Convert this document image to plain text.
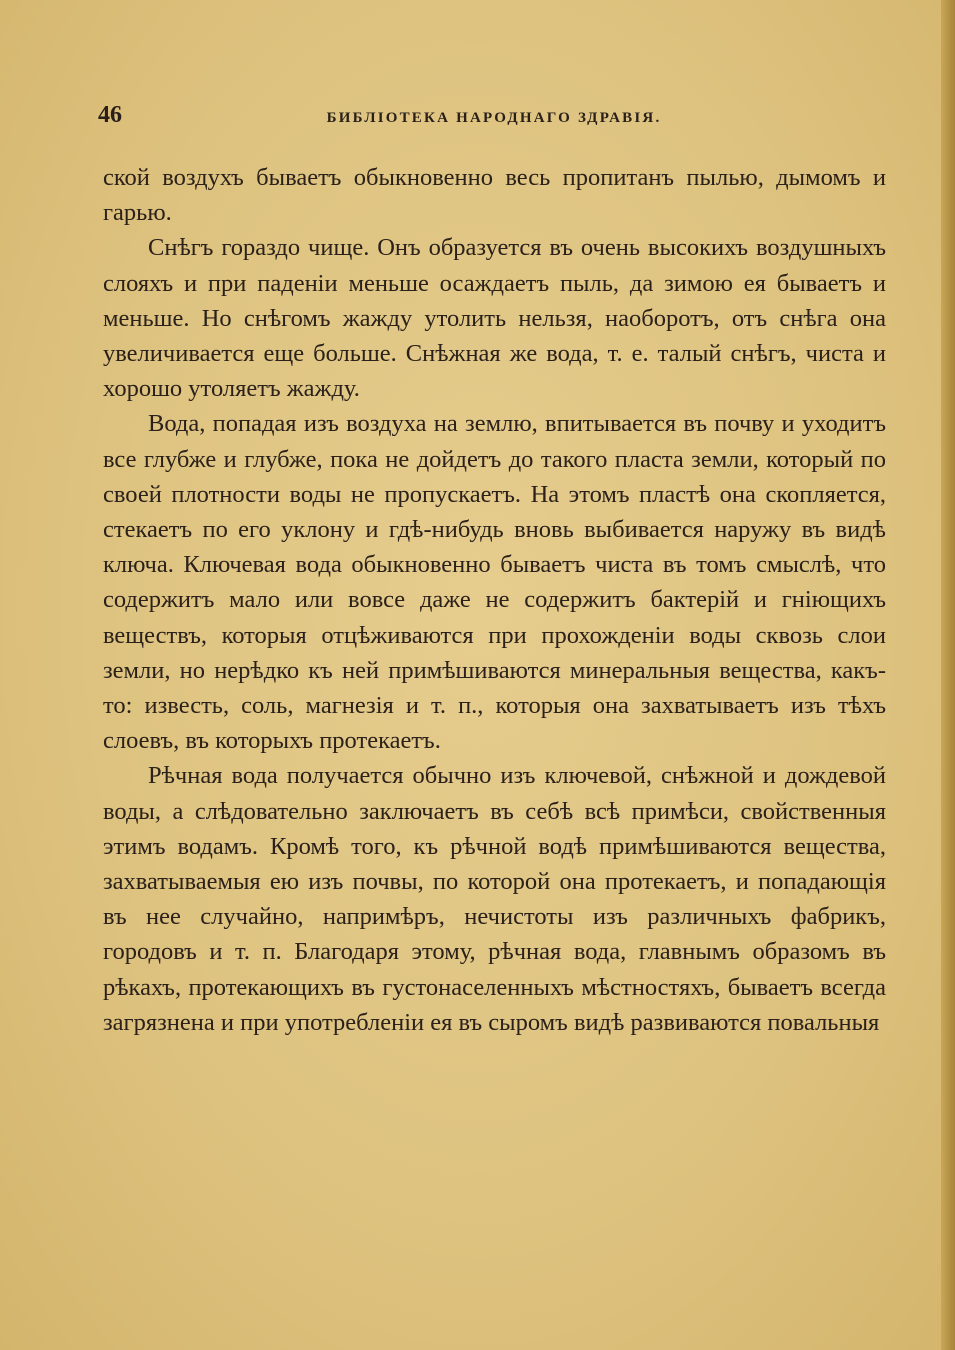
46	БИБЛIОТЕКА НАРОДНАГО ЗДРАВIЯ.

ской воздухъ бываетъ обыкновенно весь пропитанъ пылью, дымомъ и гарью.

Снѣгъ гораздо чище. Онъ образуется въ очень высокихъ воздушныхъ слояхъ и при паденiи меньше осаждаетъ пыль, да зимою ея бываетъ и меньше. Но снѣгомъ жажду утолить нельзя, наоборотъ, отъ снѣга она увеличивается еще больше. Снѣжная же вода, т. е. талый снѣгъ, чиста и хорошо утоляетъ жажду.

Вода, попадая изъ воздуха на землю, впитывается въ почву и уходитъ все глубже и глубже, пока не дойдетъ до такого пласта земли, который по своей плотности воды не пропускаетъ. На этомъ пластѣ она скопляется, стекаетъ по его уклону и гдѣ-нибудь вновь выбивается наружу въ видѣ ключа. Ключевая вода обыкновенно бываетъ чиста въ томъ смыслѣ, что содержитъ мало или вовсе даже не содержитъ бактерiй и гнiющихъ веществъ, которыя отцѣживаются при прохожденiи воды сквозь слои земли, но нерѣдко къ ней примѣшиваются минеральныя вещества, какъ-то: известь, соль, магнезiя и т. п., которыя она захватываетъ изъ тѣхъ слоевъ, въ которыхъ протекаетъ.

Рѣчная вода получается обычно изъ ключевой, снѣжной и дождевой воды, а слѣдовательно заключаетъ въ себѣ всѣ примѣси, свойственныя этимъ водамъ. Кромѣ того, къ рѣчной водѣ примѣшиваются вещества, захватываемыя ею изъ почвы, по которой она протекаетъ, и попадающiя въ нее случайно, напримѣръ, нечистоты изъ различныхъ фабрикъ, городовъ и т. п. Благодаря этому, рѣчная вода, главнымъ образомъ въ рѣкахъ, протекающихъ въ густонаселенныхъ мѣстностяхъ, бываетъ всегда загрязнена и при употребленiи ея въ сыромъ видѣ развиваются повальныя
